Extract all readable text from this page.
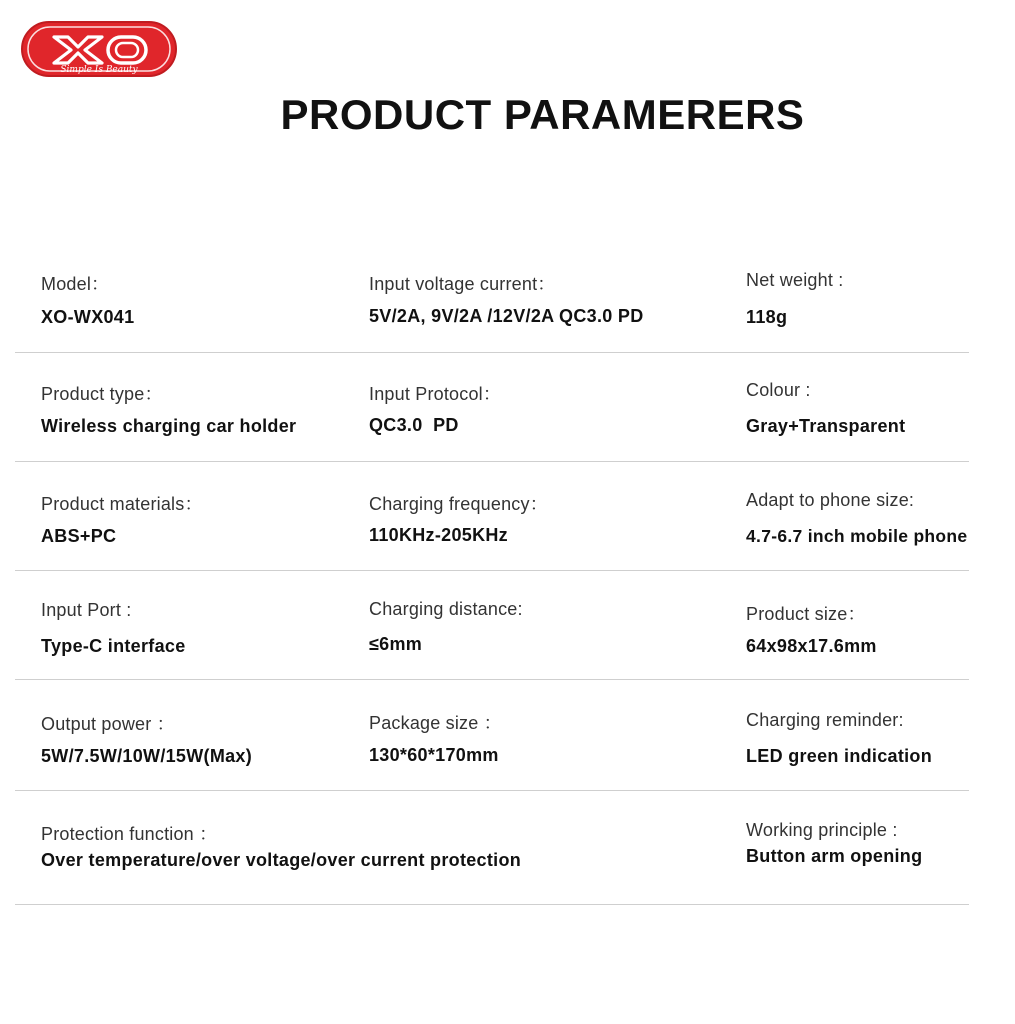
Simple Is Beauty
PRODUCT PARAMERERS
Model：
XO-WX041
Input voltage current：
5V/2A, 9V/2A /12V/2A QC3.0 PD
Net weight :
118g
Product type：
Wireless charging car holder
Input Protocol：
QC3.0  PD
Colour :
Gray+Transparent
Product materials：
ABS+PC
Charging frequency：
110KHz-205KHz
Adapt to phone size:
4.7-6.7 inch mobile phone
Input Port :
Type-C interface
Charging distance:
≤6mm
Product size：
64x98x17.6mm
Output power ：
5W/7.5W/10W/15W(Max)
Package size ：
130*60*170mm
Charging reminder:
LED green indication
Protection function ：
Over temperature/over voltage/over current protection
Working principle :
Button arm opening
